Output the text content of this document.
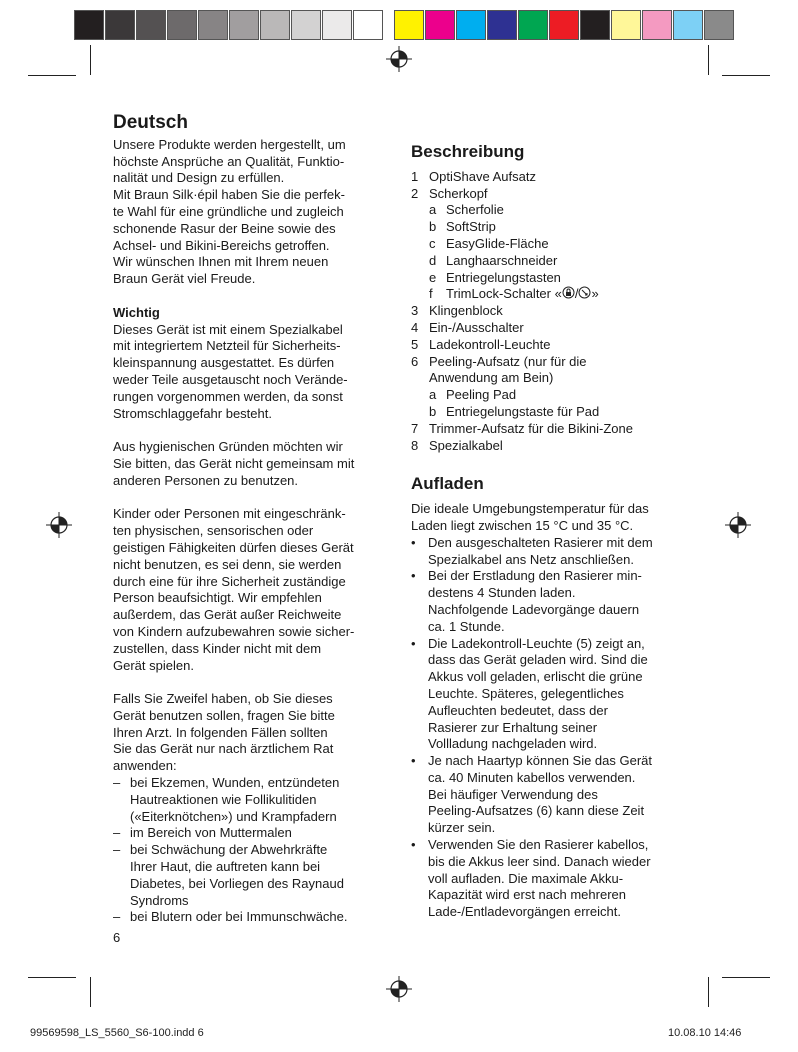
Deutsch
Unsere Produkte werden hergestellt, um
höchste Ansprüche an Qualität, Funktio-
nalität und Design zu erfüllen.
Mit Braun Silk·épil haben Sie die perfek-
te Wahl für eine gründliche und zugleich
schonende Rasur der Beine sowie des
Achsel- und Bikini-Bereichs getroffen.
Wir wünschen Ihnen mit Ihrem neuen
Braun Gerät viel Freude.

Wichtig

Dieses Gerät ist mit einem Spezialkabel
mit integriertem Netzteil für Sicherheits-
kleinspannung ausgestattet. Es dürfen
weder Teile ausgetauscht noch Verände-
rungen vorgenommen werden, da sonst
Stromschlaggefahr besteht.
Aus hygienischen Gründen möchten wir
Sie bitten, das Gerät nicht gemeinsam mit
anderen Personen zu benutzen.
Kinder oder Personen mit eingeschränk-
ten physischen, sensorischen oder
geistigen Fähigkeiten dürfen dieses Gerät
nicht benutzen, es sei denn, sie werden
durch eine für ihre Sicherheit zuständige
Person beaufsichtigt. Wir empfehlen
außerdem, das Gerät außer Reichweite
von Kindern aufzubewahren sowie sicher-
zustellen, dass Kinder nicht mit dem
Gerät spielen.
Falls Sie Zweifel haben, ob Sie dieses
Gerät benutzen sollen, fragen Sie bitte
Ihren Arzt. In folgenden Fällen sollten
Sie das Gerät nur nach ärztlichem Rat
anwenden:
– bei Ekzemen, Wunden, entzündeten
Hautreaktionen wie Follikulitiden
(«Eiterknötchen») und Krampfadern
– im Bereich von Muttermalen
– bei Schwächung der Abwehrkräfte
Ihrer Haut, die auftreten kann bei
Diabetes, bei Vorliegen des Raynaud
Syndroms
– bei Blutern oder bei Immunschwäche.
6
Beschreibung
1 OptiShave Aufsatz
2 Scherkopf
a Scherfolie
b SoftStrip
c EasyGlide-Fläche
d Langhaarschneider
e Entriegelungstasten
f	TrimLock-Schalter « / »
3 Klingenblock
4 Ein-/Ausschalter
5 Ladekontroll-Leuchte
6 Peeling-Aufsatz (nur für die
Anwendung am Bein)
a Peeling Pad
b Entriegelungstaste für Pad
7 Trimmer-Aufsatz für die Bikini-Zone
8 Spezialkabel
Aufladen
Die ideale Umgebungstemperatur für das
Laden liegt zwischen 15 °C und 35 °C.
• Den ausgeschalteten Rasierer mit dem
Spezialkabel ans Netz anschließen.
• Bei der Erstladung den Rasierer min-
destens 4 Stunden laden.
Nachfolgende Ladevorgänge dauern
ca. 1 Stunde.
• Die Ladekontroll-Leuchte (5) zeigt an,
dass das Gerät geladen wird. Sind die
Akkus voll geladen, erlischt die grüne
Leuchte. Späteres, gelegentliches
Aufleuchten bedeutet, dass der
Rasierer zur Erhaltung seiner
Vollladung nachgeladen wird.
• Je nach Haartyp können Sie das Gerät
ca. 40 Minuten kabellos verwenden.
Bei häufiger Verwendung des
Peeling-Aufsatzes (6) kann diese Zeit
kürzer sein.
• Verwenden Sie den Rasierer kabellos,
bis die Akkus leer sind. Danach wieder
voll aufladen. Die maximale Akku-
Kapazität wird erst nach mehreren
Lade-/Entladevorgängen erreicht.
99569598_LS_5560_S6-100.indd 6	10.08.10 14:46
